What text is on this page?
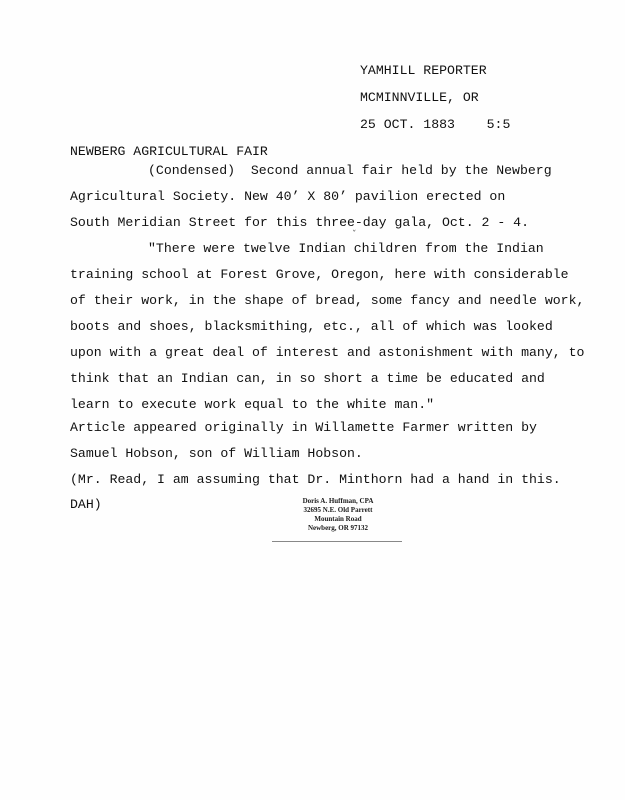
YAMHILL REPORTER
MCMINNVILLE, OR
25 OCT. 1883    5:5
NEWBERG AGRICULTURAL FAIR
(Condensed)  Second annual fair held by the Newberg
Agricultural Society. New 40’ X 80’ pavilion erected on
South Meridian Street for this three-day gala, Oct. 2 - 4.
"There were twelve Indian children from the Indian
training school at Forest Grove, Oregon, here with considerable
of their work, in the shape of bread, some fancy and needle work,
boots and shoes, blacksmithing, etc., all of which was looked
upon with a great deal of interest and astonishment with many, to
think that an Indian can, in so short a time be educated and
learn to execute work equal to the white man."
Article appeared originally in Willamette Farmer written by
Samuel Hobson, son of William Hobson.
(Mr. Read, I am assuming that Dr. Minthorn had a hand in this.
DAH)
ˇ
Doris A. Huffman, CPA
32695 N.E. Old Parrett
Mountain Road
Newberg, OR 97132
